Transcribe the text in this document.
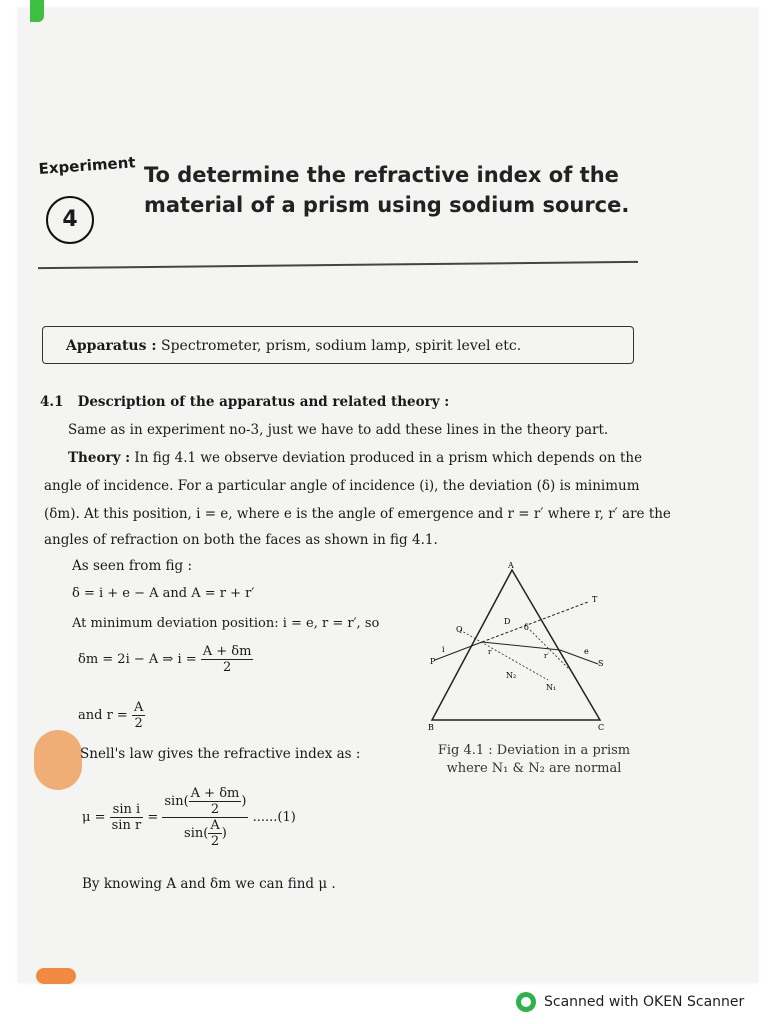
Experiment
4
To determine the refractive index of the
material of a prism using sodium source.
Apparatus : Spectrometer, prism, sodium lamp, spirit level etc.
4.1 Description of the apparatus and related theory :
Same as in experiment no-3, just we have to add these lines in the theory part.
Theory : In fig 4.1 we observe deviation produced in a prism which depends on the
angle of incidence. For a particular angle of incidence (i), the deviation (δ) is minimum
(δm). At this position, i = e, where e is the angle of emergence and r = r′ where r, r′ are the
angles of refraction on both the faces as shown in fig 4.1.
As seen from fig :
δ = i + e − A and A = r + r′
At minimum deviation position: i = e, r = r′, so
δm = 2i − A ⇒ $i = \frac{A + \delta m}{2}$
and $r = \frac{A}{2}$
Snell's law gives the refractive index as :
$\mu = \frac{\text{sin i}}{\text{sin r}} = \frac{\sin( \frac{A + \delta m}{2} )}{\sin( \frac{A}{2} )} ......(1)$
By knowing A and δm we can find μ .
A
B	C
D
Q
P	S
T
i	e
δ
N₁
N₂
r	r′
Fig 4.1 : Deviation in a prism
where N₁ & N₂ are normal
Scanned with OKEN Scanner
